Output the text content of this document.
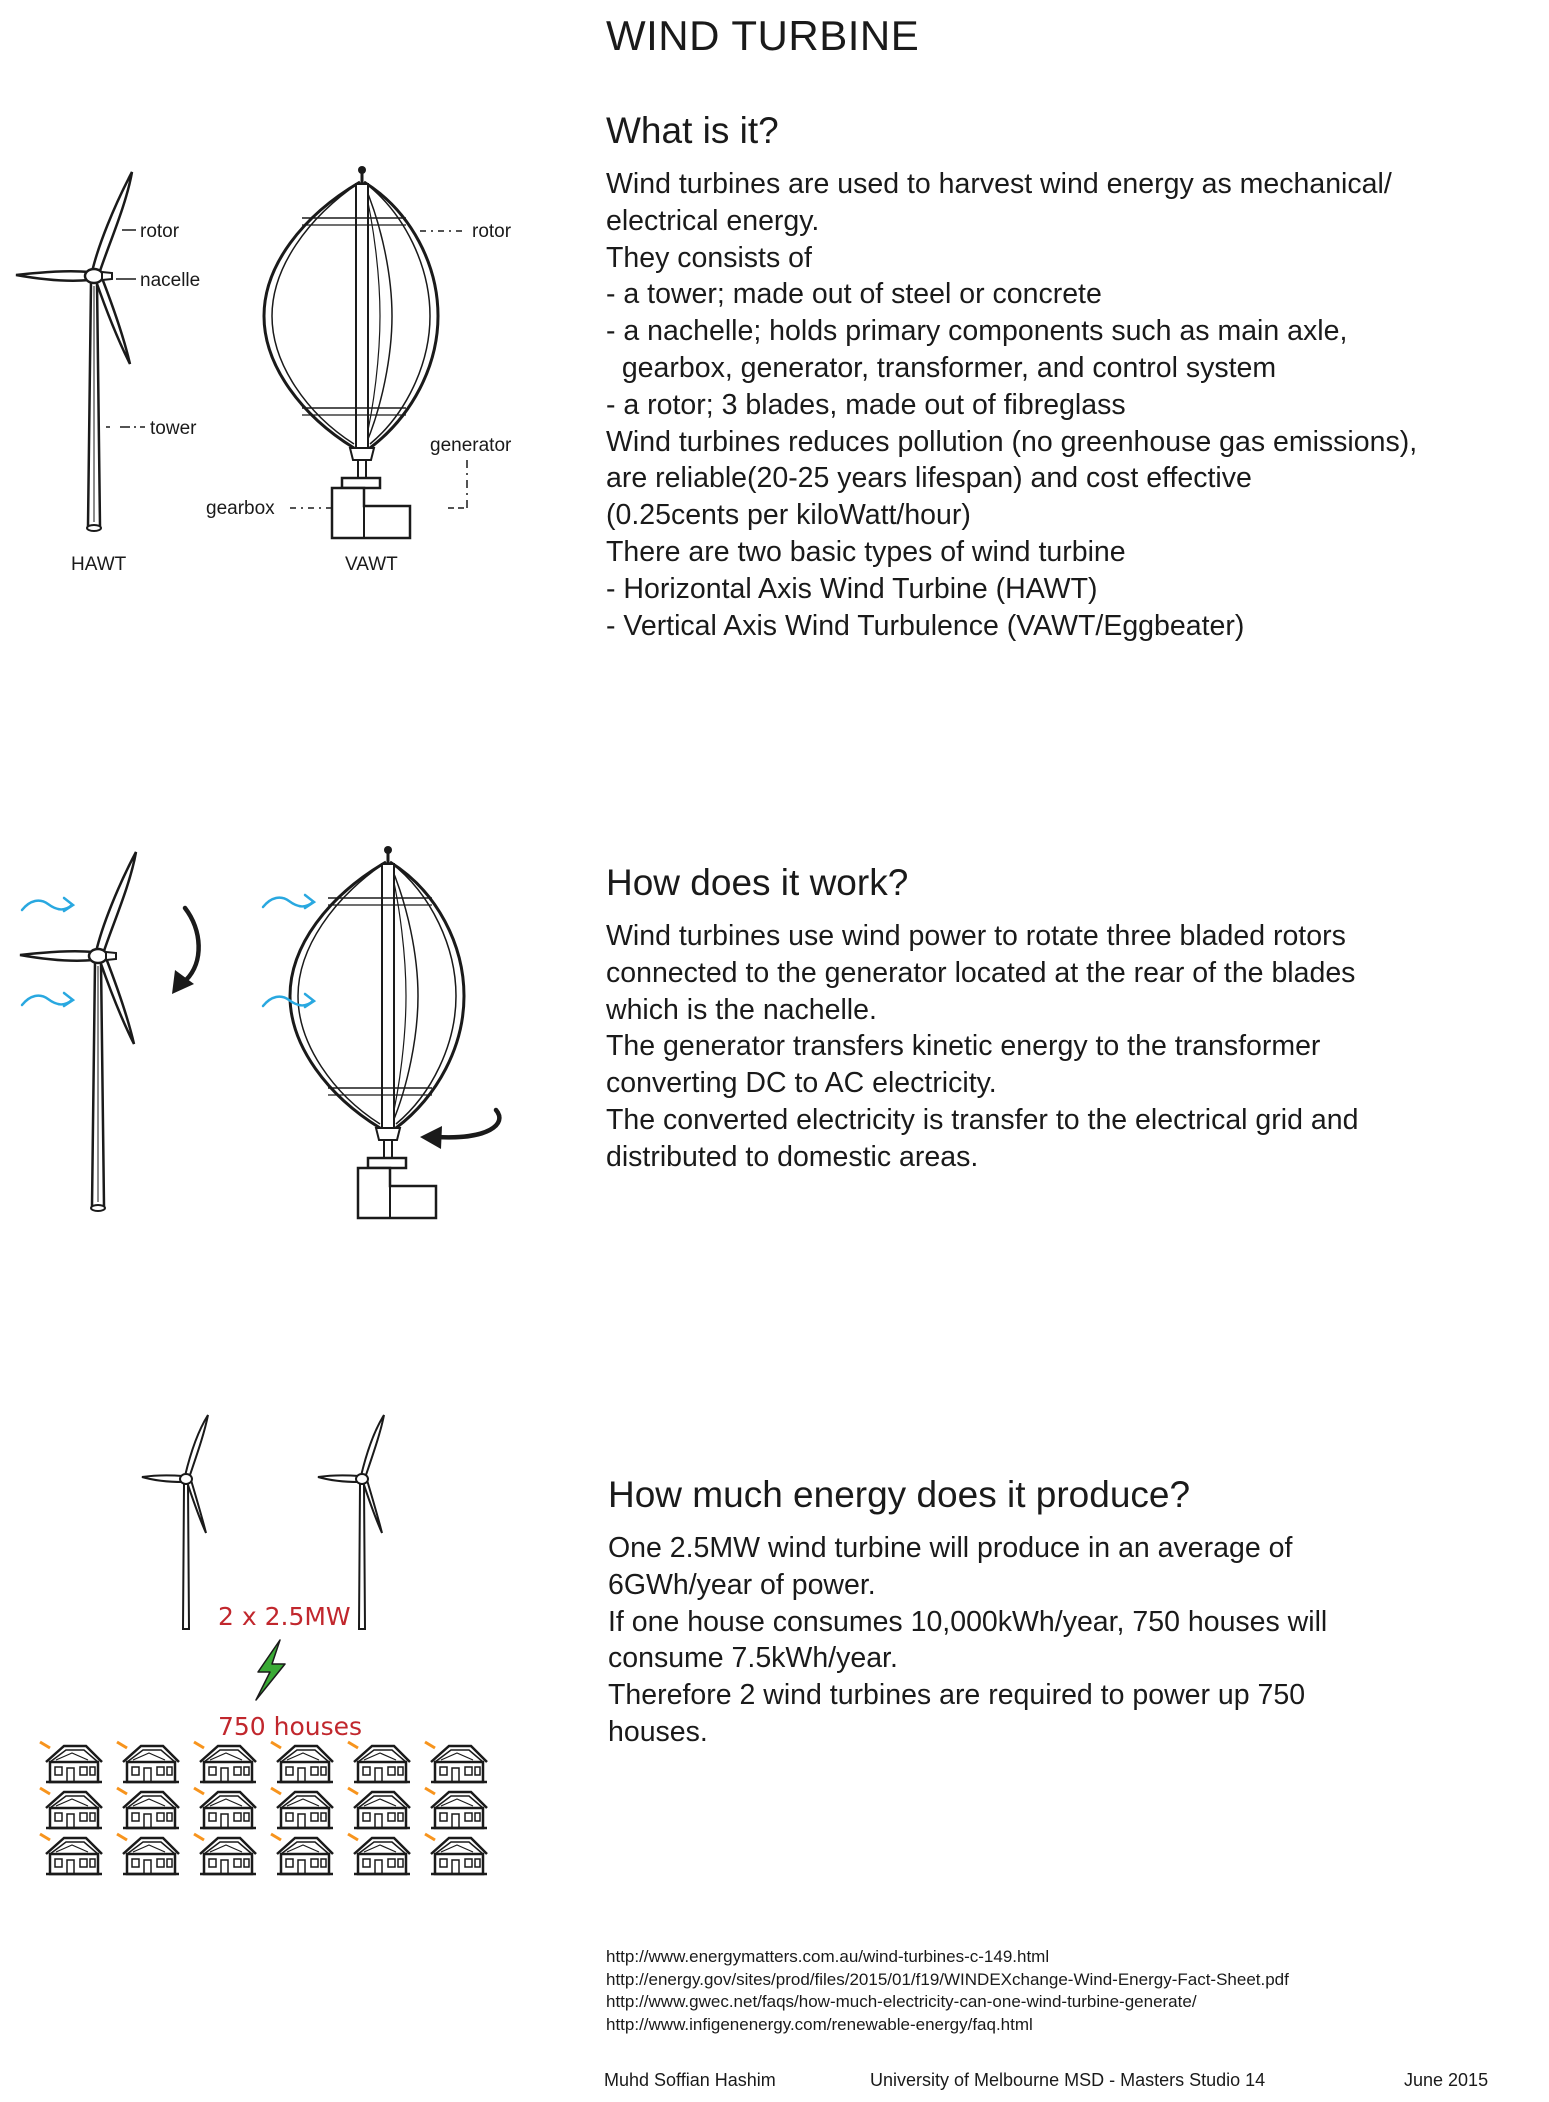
WIND TURBINE
What is it?
Wind turbines are used to harvest wind energy as mechanical/
electrical energy.
They consists of
- a tower; made out of steel or concrete
- a nachelle; holds primary components such as main axle,
gearbox, generator, transformer, and control system
- a rotor; 3 blades, made out of fibreglass
Wind turbines reduces pollution (no greenhouse gas emissions),
are reliable(20-25 years lifespan) and cost effective
(0.25cents per kiloWatt/hour)
There are two basic types of wind turbine
- Horizontal Axis Wind Turbine (HAWT)
- Vertical Axis Wind Turbulence (VAWT/Eggbeater)
How does it work?
Wind turbines use wind power to rotate three bladed rotors
connected to the generator located at the rear of the blades
which is the nachelle.
The generator transfers kinetic energy to the transformer
converting DC to AC electricity.
The converted electricity is transfer to the electrical grid and
distributed to domestic areas.
How much energy does it produce?
One 2.5MW wind turbine will produce in an average of
6GWh/year of power.
If one house consumes 10,000kWh/year, 750 houses will
consume 7.5kWh/year.
Therefore 2 wind turbines are required to power up 750
houses.
http://www.energymatters.com.au/wind-turbines-c-149.html
http://energy.gov/sites/prod/files/2015/01/f19/WINDEXchange-Wind-Energy-Fact-Sheet.pdf
http://www.gwec.net/faqs/how-much-electricity-can-one-wind-turbine-generate/
http://www.infigenenergy.com/renewable-energy/faq.html
Muhd Soffian Hashim	University of Melbourne MSD - Masters Studio 14	June 2015
rotor
nacelle
tower
HAWT
rotor
generator
gearbox
VAWT
2 x 2.5MW
750 houses
